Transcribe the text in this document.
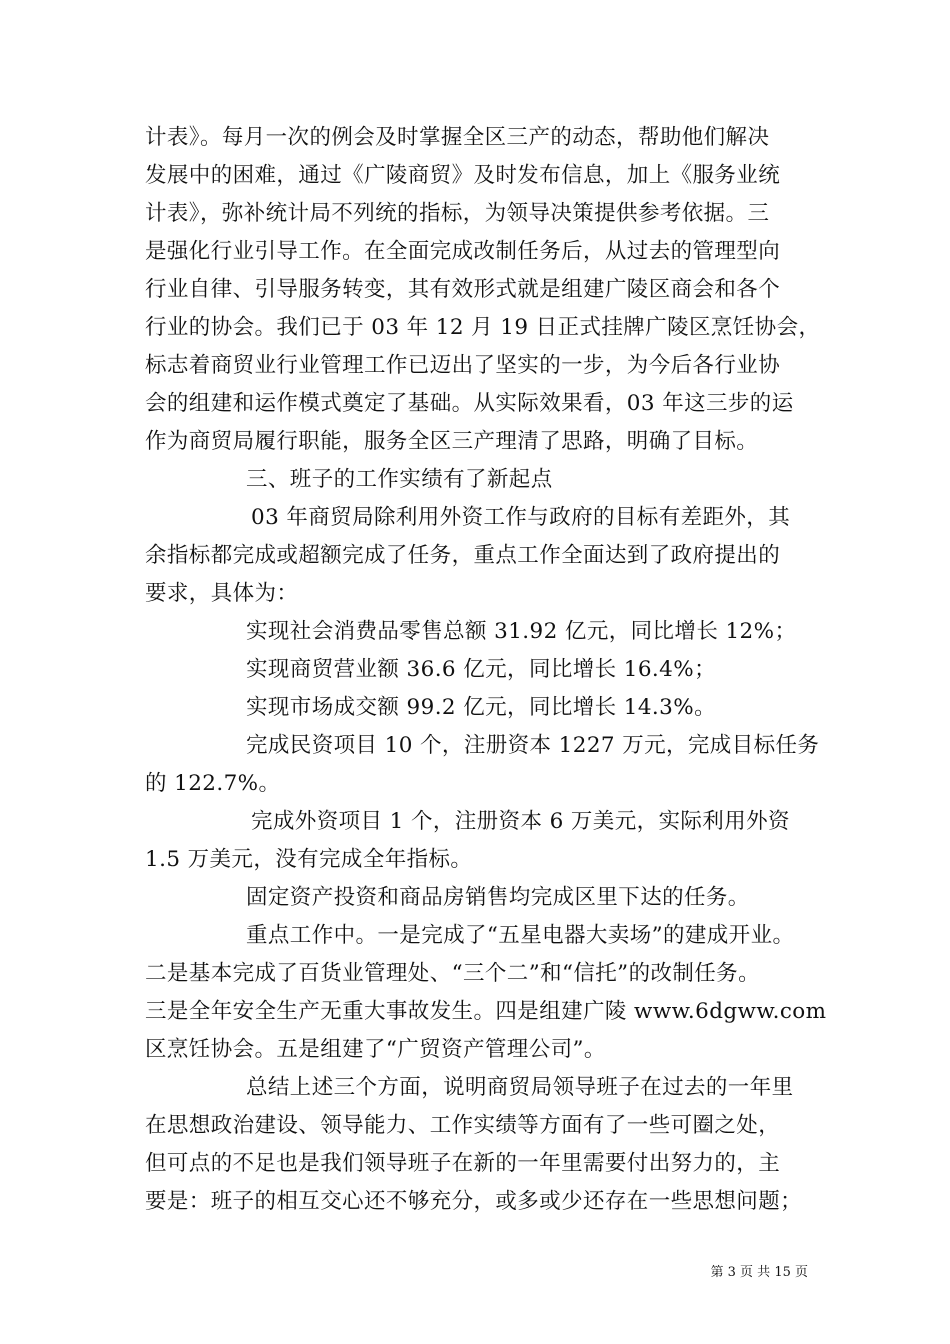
计表》。每月一次的例会及时掌握全区三产的动态，帮助他们解决
发展中的困难，通过《广陵商贸》及时发布信息，加上《服务业统
计表》，弥补统计局不列统的指标，为领导决策提供参考依据。三
是强化行业引导工作。在全面完成改制任务后，从过去的管理型向
行业自律、引导服务转变，其有效形式就是组建广陵区商会和各个
行业的协会。我们已于 03 年 12 月 19 日正式挂牌广陵区烹饪协会，
标志着商贸业行业管理工作已迈出了坚实的一步，为今后各行业协
会的组建和运作模式奠定了基础。从实际效果看，03 年这三步的运
作为商贸局履行职能，服务全区三产理清了思路，明确了目标。
三、班子的工作实绩有了新起点
03 年商贸局除利用外资工作与政府的目标有差距外，其
余指标都完成或超额完成了任务，重点工作全面达到了政府提出的
要求，具体为：
实现社会消费品零售总额 31.92 亿元，同比增长 12%；
实现商贸营业额 36.6 亿元，同比增长 16.4%；
实现市场成交额 99.2 亿元，同比增长 14.3%。
完成民资项目 10 个，注册资本 1227 万元，完成目标任务
的 122.7%。
完成外资项目 1 个，注册资本 6 万美元，实际利用外资
1.5 万美元，没有完成全年指标。
固定资产投资和商品房销售均完成区里下达的任务。
重点工作中。一是完成了“五星电器大卖场”的建成开业。
二是基本完成了百货业管理处、“三个二”和“信托”的改制任务。
三是全年安全生产无重大事故发生。四是组建广陵 www.6dgww.com
区烹饪协会。五是组建了“广贸资产管理公司”。
总结上述三个方面，说明商贸局领导班子在过去的一年里
在思想政治建设、领导能力、工作实绩等方面有了一些可圈之处，
但可点的不足也是我们领导班子在新的一年里需要付出努力的，主
要是：班子的相互交心还不够充分，或多或少还存在一些思想问题；
第 3 页 共 15 页
